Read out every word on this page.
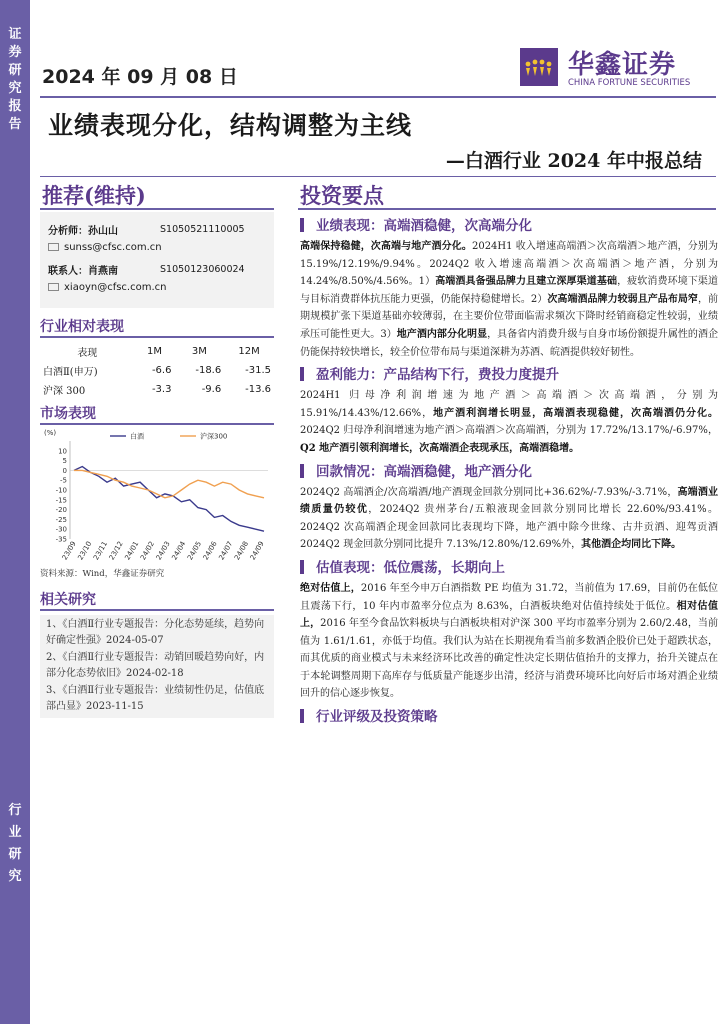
证
券
研
究
报
告
行
业
研
究
2024 年 09 月 08 日	华鑫证券
CHINA FORTUNE SECURITIES
业绩表现分化，结构调整为主线
—白酒行业 2024 年中报总结
推荐(维持)	投资要点
分析师：孙山山	S1050521110005
sunss@cfsc.com.cn
联系人：肖燕南	S1050123060024
xiaoyn@cfsc.com.cn
行业相对表现
表现	1M	3M	12M
白酒Ⅱ(申万)	-6.6	-18.6	-31.5
沪深 300	-3.3	-9.6	-13.6
市场表现
(%)
10
5
0
-5
-10
-15
-20
-25
-30
-35
23/09
23/10
23/11
23/12
24/01
24/02
24/03
24/04
24/05
24/06
24/07
24/08
24/09
白酒	沪深300
资料来源：Wind，华鑫证券研究
相关研究

1、《白酒Ⅱ行业专题报告：分化态势延续，趋势向好确定性强》2024-05-07

2、《白酒Ⅱ行业专题报告：动销回暖趋势向好，内部分化态势依旧》2024-02-18

3、《白酒Ⅱ行业专题报告：业绩韧性仍足，估值底部凸显》2023-11-15

业绩表现：高端酒稳健，次高端分化
高端保持稳健，次高端与地产酒分化。2024H1 收入增速高端酒＞次高端酒＞地产酒，分别为 15.19%/12.19%/9.94%。2024Q2 收入增速高端酒＞次高端酒＞地产酒，分别为 14.24%/8.50%/4.56%。1）高端酒具备强品牌力且建立深厚渠道基础，疲软消费环境下渠道与目标消费群体抗压能力更强，仍能保持稳健增长。2）次高端酒品牌力较弱且产品布局窄，前期规模扩张下渠道基础亦较薄弱，在主要价位带面临需求频次下降时经销商稳定性较弱，业绩承压可能性更大。3）地产酒内部分化明显，具备省内消费升级与自身市场份额提升属性的酒企仍能保持较快增长，较全价位带布局与渠道深耕为苏酒、皖酒提供较好韧性。
盈利能力：产品结构下行，费投力度提升
2024H1 归母净利润增速为地产酒＞高端酒＞次高端酒，分别为 15.91%/14.43%/12.66%，地产酒利润增长明显，高端酒表现稳健，次高端酒仍分化。2024Q2 归母净利润增速为地产酒＞高端酒＞次高端酒，分别为 17.72%/13.17%/-6.97%，Q2 地产酒引领利润增长，次高端酒企表现承压，高端酒稳增。
回款情况：高端酒稳健，地产酒分化
2024Q2 高端酒企/次高端酒/地产酒现金回款分别同比+36.62%/-7.93%/-3.71%，高端酒业绩质量仍较优，2024Q2 贵州茅台/五粮液现金回款分别同比增长 22.60%/93.41%。2024Q2 次高端酒企现金回款同比表现均下降，地产酒中除今世缘、古井贡酒、迎驾贡酒 2024Q2 现金回款分别同比提升 7.13%/12.80%/12.69%外，其他酒企均同比下降。
估值表现：低位震荡，长期向上
绝对估值上，2016 年至今申万白酒指数 PE 均值为 31.72，当前值为 17.69，目前仍在低位且震荡下行，10 年内市盈率分位点为 8.63%，白酒板块绝对估值持续处于低位。相对估值上，2016 年至今食品饮料板块与白酒板块相对沪深 300 平均市盈率分别为 2.60/2.48，当前值为 1.61/1.61，亦低于均值。我们认为站在长期视角看当前多数酒企股价已处于超跌状态，而其优质的商业模式与未来经济环比改善的确定性决定长期估值抬升的支撑力，抬升关键点在于本轮调整周期下高库存与低质量产能逐步出清，经济与消费环境环比向好后市场对酒企业绩回升的信心逐步恢复。
行业评级及投资策略
